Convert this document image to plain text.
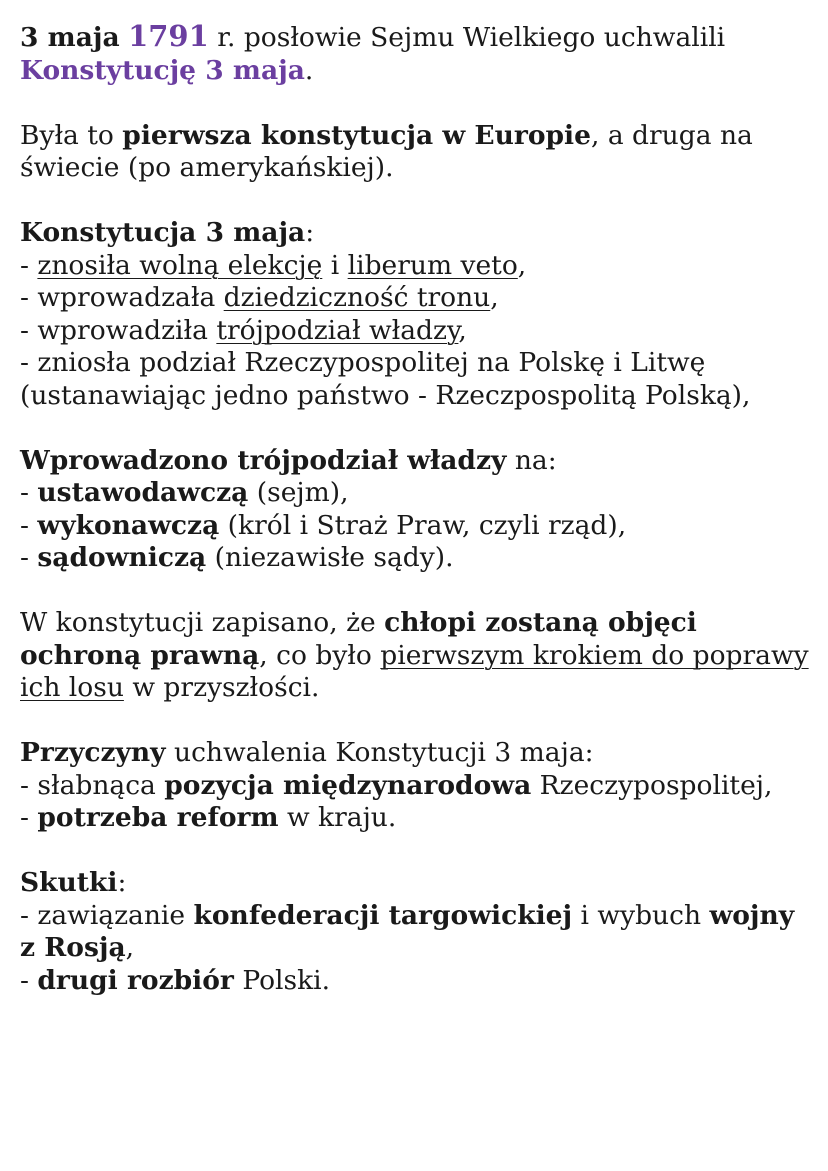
3 maja 1791 r. posłowie Sejmu Wielkiego uchwalili
Konstytucję 3 maja.
Była to pierwsza konstytucja w Europie, a druga na
świecie (po amerykańskiej).
Konstytucja 3 maja:
- znosiła wolną elekcję i liberum veto,
- wprowadzała dziedziczność tronu,
- wprowadziła trójpodział władzy,
- zniosła podział Rzeczypospolitej na Polskę i Litwę
(ustanawiając jedno państwo - Rzeczpospolitą Polską),
Wprowadzono trójpodział władzy na:
- ustawodawczą (sejm),
- wykonawczą (król i Straż Praw, czyli rząd),
- sądowniczą (niezawisłe sądy).
W konstytucji zapisano, że chłopi zostaną objęci
ochroną prawną, co było pierwszym krokiem do poprawy
ich losu w przyszłości.
Przyczyny uchwalenia Konstytucji 3 maja:
- słabnąca pozycja międzynarodowa Rzeczypospolitej,
- potrzeba reform w kraju.
Skutki:
- zawiązanie konfederacji targowickiej i wybuch wojny
z Rosją,
- drugi rozbiór Polski.
